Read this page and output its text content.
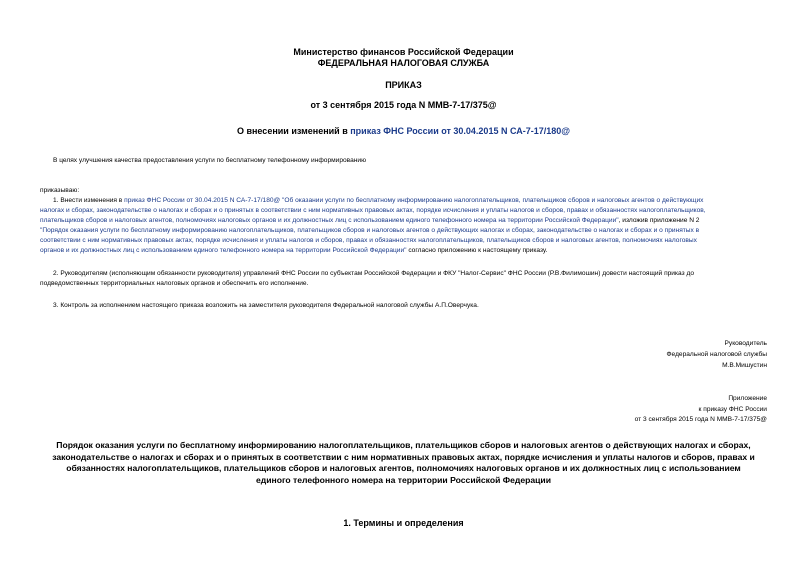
Министерство финансов Российской Федерации
ФЕДЕРАЛЬНАЯ НАЛОГОВАЯ СЛУЖБА
ПРИКАЗ
от 3 сентября 2015 года N ММВ-7-17/375@
О внесении изменений в приказ ФНС России от 30.04.2015 N СА-7-17/180@
В целях улучшения качества предоставления услуги по бесплатному телефонному информированию
приказываю:
1. Внести изменения в приказ ФНС России от 30.04.2015 N СА-7-17/180@ "Об оказании услуги по бесплатному информированию налогоплательщиков, плательщиков сборов и налоговых агентов о действующих
налогах и сборах, законодательстве о налогах и сборах и о принятых в соответствии с ним нормативных правовых актах, порядке исчисления и уплаты налогов и сборов, правах и обязанностях налогоплательщиков,
плательщиков сборов и налоговых агентов, полномочиях налоговых органов и их должностных лиц с использованием единого телефонного номера на территории Российской Федерации", изложив приложение N 2
"Порядок оказания услуги по бесплатному информированию налогоплательщиков, плательщиков сборов и налоговых агентов о действующих налогах и сборах, законодательстве о налогах и сборах и о принятых в
соответствии с ним нормативных правовых актах, порядке исчисления и уплаты налогов и сборов, правах и обязанностях налогоплательщиков, плательщиков сборов и налоговых агентов, полномочиях налоговых
органов и их должностных лиц с использованием единого телефонного номера на территории Российской Федерации" согласно приложению к настоящему приказу.
2. Руководителям (исполняющим обязанности руководителя) управлений ФНС России по субъектам Российской Федерации и ФКУ "Налог-Сервис" ФНС России (Р.В.Филимошин) довести настоящий приказ до
подведомственных территориальных налоговых органов и обеспечить его исполнение.
3. Контроль за исполнением настоящего приказа возложить на заместителя руководителя Федеральной налоговой службы А.П.Оверчука.
Руководитель
Федеральной налоговой службы
М.В.Мишустин
Приложение
к приказу ФНС России
от 3 сентября 2015 года N ММВ-7-17/375@
Порядок оказания услуги по бесплатному информированию налогоплательщиков, плательщиков сборов и налоговых агентов о действующих налогах и сборах,
законодательстве о налогах и сборах и о принятых в соответствии с ним нормативных правовых актах, порядке исчисления и уплаты налогов и сборов, правах и
обязанностях налогоплательщиков, плательщиков сборов и налоговых агентов, полномочиях налоговых органов и их должностных лиц с использованием
единого телефонного номера на территории Российской Федерации
1. Термины и определения
